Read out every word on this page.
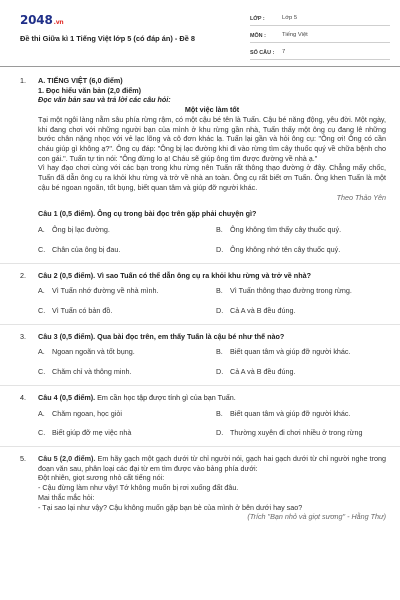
2048.vn
Đề thi Giữa kì 1 Tiếng Việt lớp 5 (có đáp án) - Đề 8
LỚP :	Lớp 5
MÔN :	Tiếng Việt
SỐ CÂU :	7
1. A. TIẾNG VIỆT (6,0 điểm)
1. Đọc hiểu văn bản (2,0 điểm)
Đọc văn bản sau và trả lời các câu hỏi:
Một việc làm tốt
Tại một ngôi làng nằm sâu phía rừng rậm, có một cậu bé tên là Tuấn. Cậu bé năng động, yêu đời. Một ngày, khi đang chơi với những người bạn của mình ở khu rừng gần nhà, Tuấn thấy một ông cụ đang lê những bước chân nặng nhọc với vẻ lạc lõng và cô đơn khác lạ. Tuấn lại gần và hỏi ông cụ: "Ông ơi! Ông có cần cháu giúp gì không ạ?". Ông cụ đáp: "Ông bị lạc đường khi đi vào rừng tìm cây thuốc quý về chữa bệnh cho con gái.". Tuấn tự tin nói: "Ông đừng lo ạ! Cháu sẽ giúp ông tìm được đường về nhà ạ."
Vì hay đạo chơi cùng với các bạn trong khu rừng nên Tuấn rất thông thạo đường ở đây. Chẳng mấy chốc, Tuấn đã dẫn ông cụ ra khỏi khu rừng và trở về nhà an toàn. Ông cụ rất biết ơn Tuấn. Ông khen Tuấn là một cậu bé ngoan ngoãn, tốt bụng, biết quan tâm và giúp đỡ người khác.
Theo Thảo Yên
Câu 1 (0,5 điểm). Ông cụ trong bài đọc trên gặp phải chuyện gì?
A.	Ông bị lạc đường.	B.	Ông không tìm thấy cây thuốc quý.
C. Chân của ông bị đau.	D. Ông không nhớ tên cây thuốc quý.
2. Câu 2 (0,5 điểm). Vì sao Tuấn có thể dẫn ông cụ ra khỏi khu rừng và trở về nhà?
A.	Vì Tuấn nhớ đường về nhà mình.	B.	Vì Tuấn thông thạo đường trong rừng.
C. Vì Tuấn có bản đồ.	D. Cả A và B đều đúng.
3. Câu 3 (0,5 điểm). Qua bài đọc trên, em thấy Tuấn là cậu bé như thế nào?
A.	Ngoan ngoãn và tốt bụng.	B.	Biết quan tâm và giúp đỡ người khác.
C. Chăm chỉ và thông minh.	D. Cả A và B đều đúng.
4. Câu 4 (0,5 điểm). Em cần học tập được tính gì của bạn Tuấn.
A.	Chăm ngoan, học giỏi	B.	Biết quan tâm và giúp đỡ người khác.
C. Biết giúp đỡ mẹ việc nhà	D. Thường xuyên đi chơi nhiều ở trong rừng
5. Câu 5 (2,0 điểm). Em hãy gạch một gạch dưới từ chỉ người nói, gạch hai gạch dưới từ chỉ người nghe trong đoạn văn sau, phân loại các đại từ em tìm được vào bảng phía dưới:
Đột nhiên, giọt sương nhỏ cất tiếng nói:
- Cậu đừng làm như vậy! Tớ không muốn bị rơi xuống đất đâu.
Mai thắc mắc hỏi:
- Tại sao lại như vậy? Cậu không muốn gặp bạn bè của mình ở bên dưới hay sao?
(Trích "Bạn nhỏ và giọt sương" - Hằng Thư)
